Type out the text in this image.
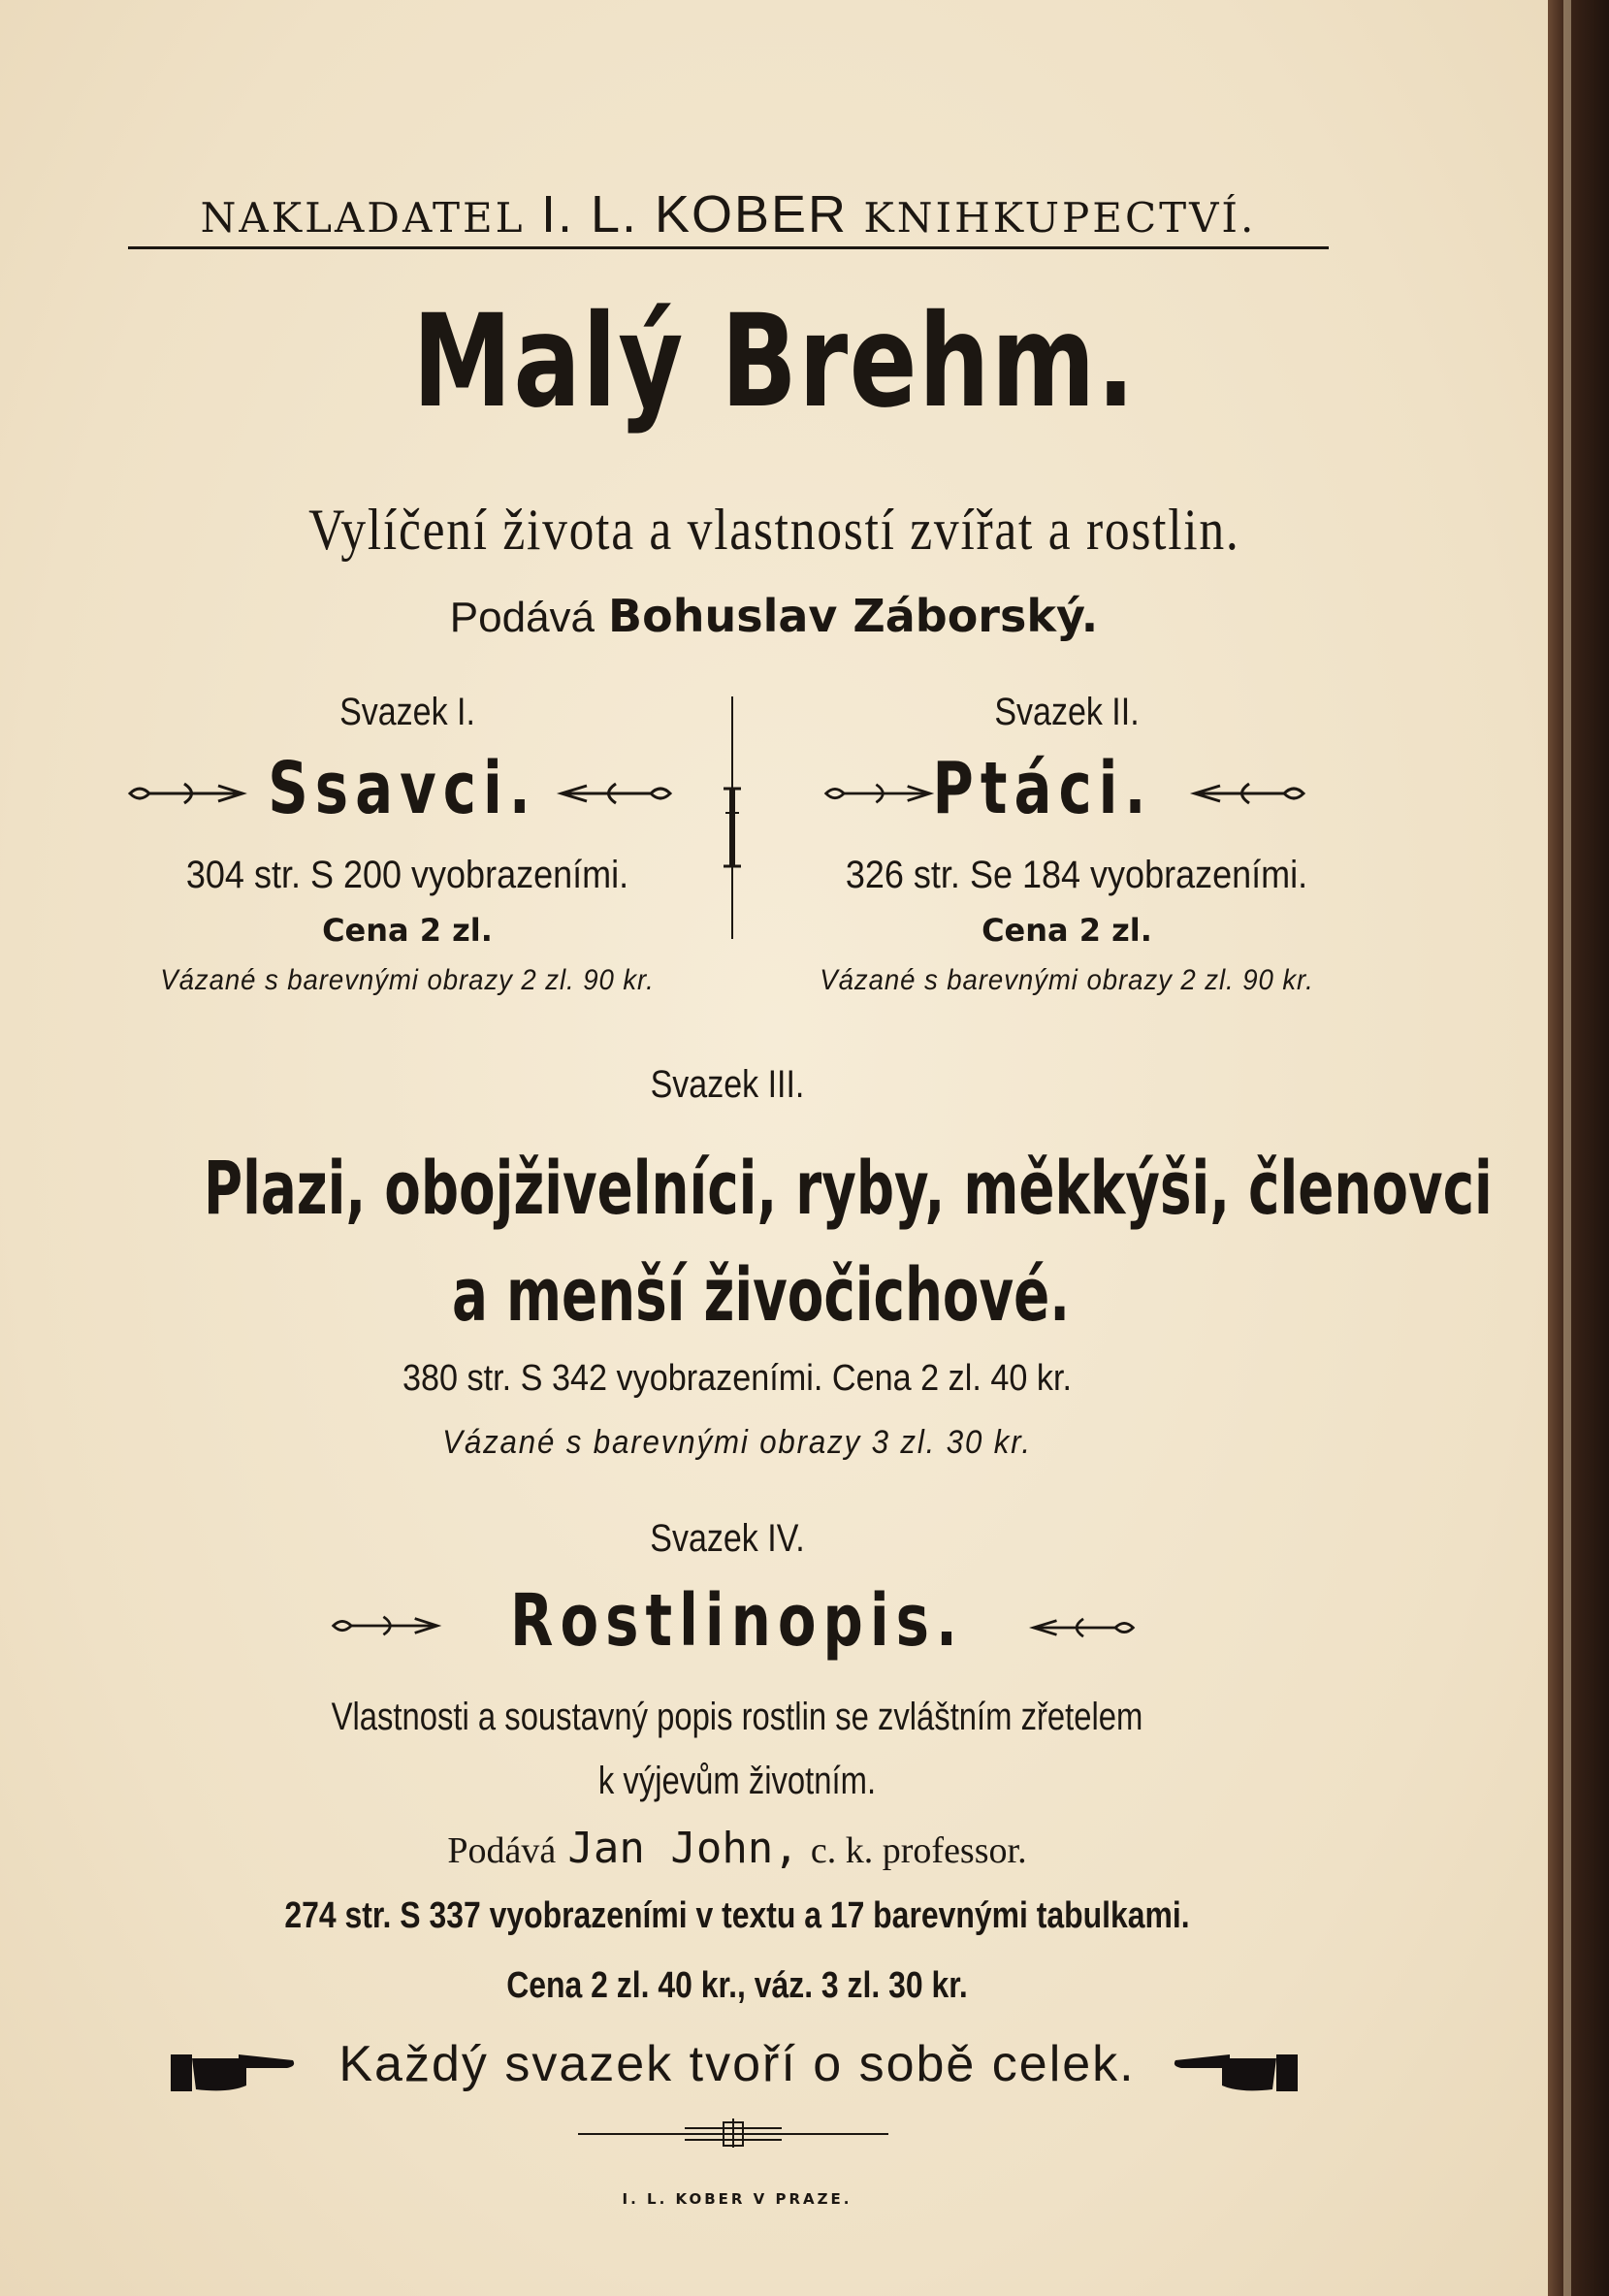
NAKLADATEL I. L. KOBER KNIHKUPECTVÍ.
Malý Brehm.
Vylíčení života a vlastností zvířat a rostlin.
Podává Bohuslav Záborský.
Svazek I.
Ssavci.
304 str. S 200 vyobrazeními.
Cena 2 zl.
Vázané s barevnými obrazy 2 zl. 90 kr.
Svazek II.
Ptáci.
326 str. Se 184 vyobrazeními.
Cena 2 zl.
Vázané s barevnými obrazy 2 zl. 90 kr.
Svazek III.
Plazi, obojživelníci, ryby, měkkýši, členovci
a menší živočichové.
380 str. S 342 vyobrazeními. Cena 2 zl. 40 kr.
Vázané s barevnými obrazy 3 zl. 30 kr.
Svazek IV.
Rostlinopis.
Vlastnosti a soustavný popis rostlin se zvláštním zřetelem
k výjevům životním.
Podává Jan John, c. k. professor.
274 str. S 337 vyobrazeními v textu a 17 barevnými tabulkami.
Cena 2 zl. 40 kr., váz. 3 zl. 30 kr.
Každý svazek tvoří o sobě celek.
I. L. KOBER V PRAZE.
